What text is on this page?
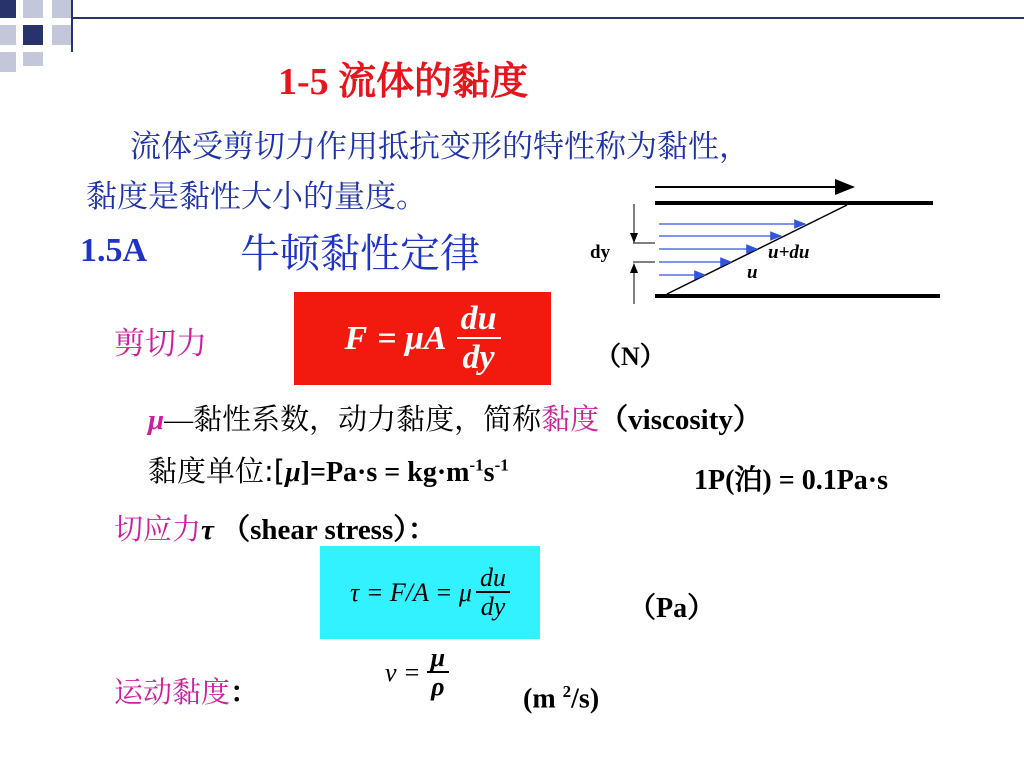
1-5 流体的黏度
流体受剪切力作用抵抗变形的特性称为黏性，
黏度是黏性大小的量度。
1.5A 牛顿黏性定律	dy
u
u+du
剪切力	F = μA $\frac{du}{dy}$	（N）
μ—黏性系数，动力黏度，简称黏度（viscosity）
黏度单位:[μ]=Pa·s = $kg\cdot m^{-1}s^{-1}$	1P(泊) = 0.1Pa·s
切应力τ （shear stress）：
τ = F/A = μ $\frac{du}{dy}$	（Pa）
运动黏度：
$\nu = \frac{\mu}{\rho}$	(m $^2$/s)
